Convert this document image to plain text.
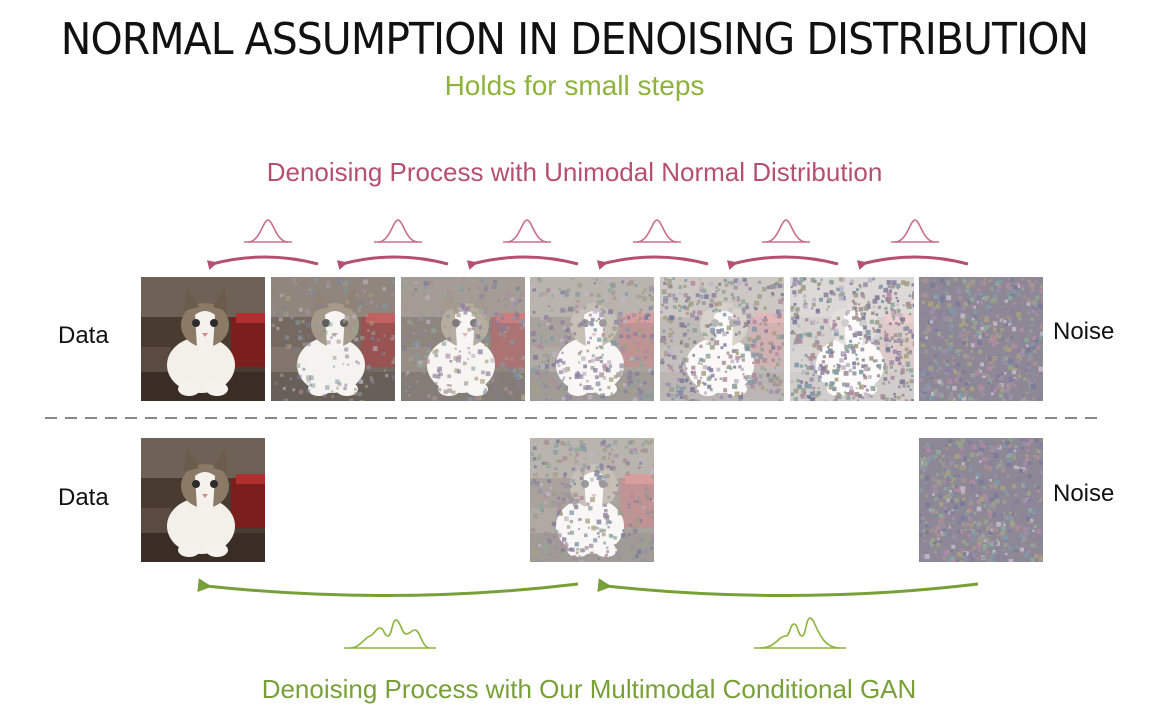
NORMAL ASSUMPTION IN DENOISING DISTRIBUTION
Holds for small steps
Denoising Process with Unimodal Normal Distribution
Data	Noise
Data	Noise
Denoising Process with Our Multimodal Conditional GAN
